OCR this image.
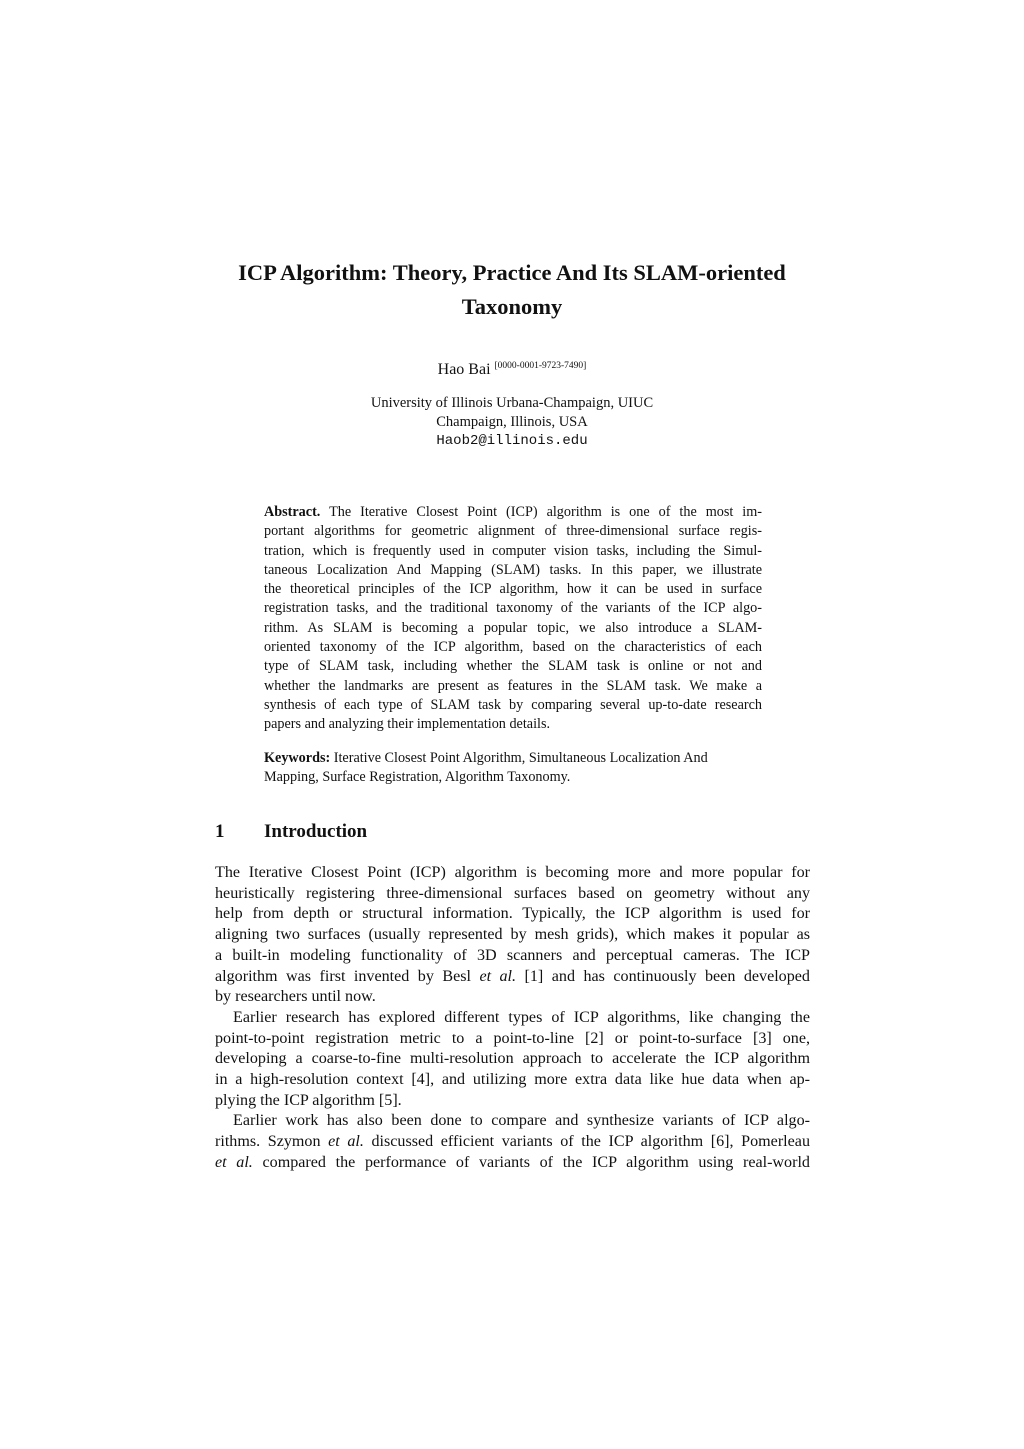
ICP Algorithm: Theory, Practice And Its SLAM-oriented
Taxonomy
Hao Bai [0000-0001-9723-7490]
University of Illinois Urbana-Champaign, UIUC
Champaign, Illinois, USA
Haob2@illinois.edu
Abstract. The Iterative Closest Point (ICP) algorithm is one of the most im-
portant algorithms for geometric alignment of three-dimensional surface regis-
tration, which is frequently used in computer vision tasks, including the Simul-
taneous Localization And Mapping (SLAM) tasks. In this paper, we illustrate
the theoretical principles of the ICP algorithm, how it can be used in surface
registration tasks, and the traditional taxonomy of the variants of the ICP algo-
rithm. As SLAM is becoming a popular topic, we also introduce a SLAM-
oriented taxonomy of the ICP algorithm, based on the characteristics of each
type of SLAM task, including whether the SLAM task is online or not and
whether the landmarks are present as features in the SLAM task. We make a
synthesis of each type of SLAM task by comparing several up-to-date research
papers and analyzing their implementation details.
Keywords: Iterative Closest Point Algorithm, Simultaneous Localization And
Mapping, Surface Registration, Algorithm Taxonomy.
1 Introduction

The Iterative Closest Point (ICP) algorithm is becoming more and more popular for
heuristically registering three-dimensional surfaces based on geometry without any
help from depth or structural information. Typically, the ICP algorithm is used for
aligning two surfaces (usually represented by mesh grids), which makes it popular as
a built-in modeling functionality of 3D scanners and perceptual cameras. The ICP
algorithm was first invented by Besl et al. [1] and has continuously been developed
by researchers until now.

Earlier research has explored different types of ICP algorithms, like changing the
point-to-point registration metric to a point-to-line [2] or point-to-surface [3] one,
developing a coarse-to-fine multi-resolution approach to accelerate the ICP algorithm
in a high-resolution context [4], and utilizing more extra data like hue data when ap-
plying the ICP algorithm [5].

Earlier work has also been done to compare and synthesize variants of ICP algo-
rithms. Szymon et al. discussed efficient variants of the ICP algorithm [6], Pomerleau
et al. compared the performance of variants of the ICP algorithm using real-world
